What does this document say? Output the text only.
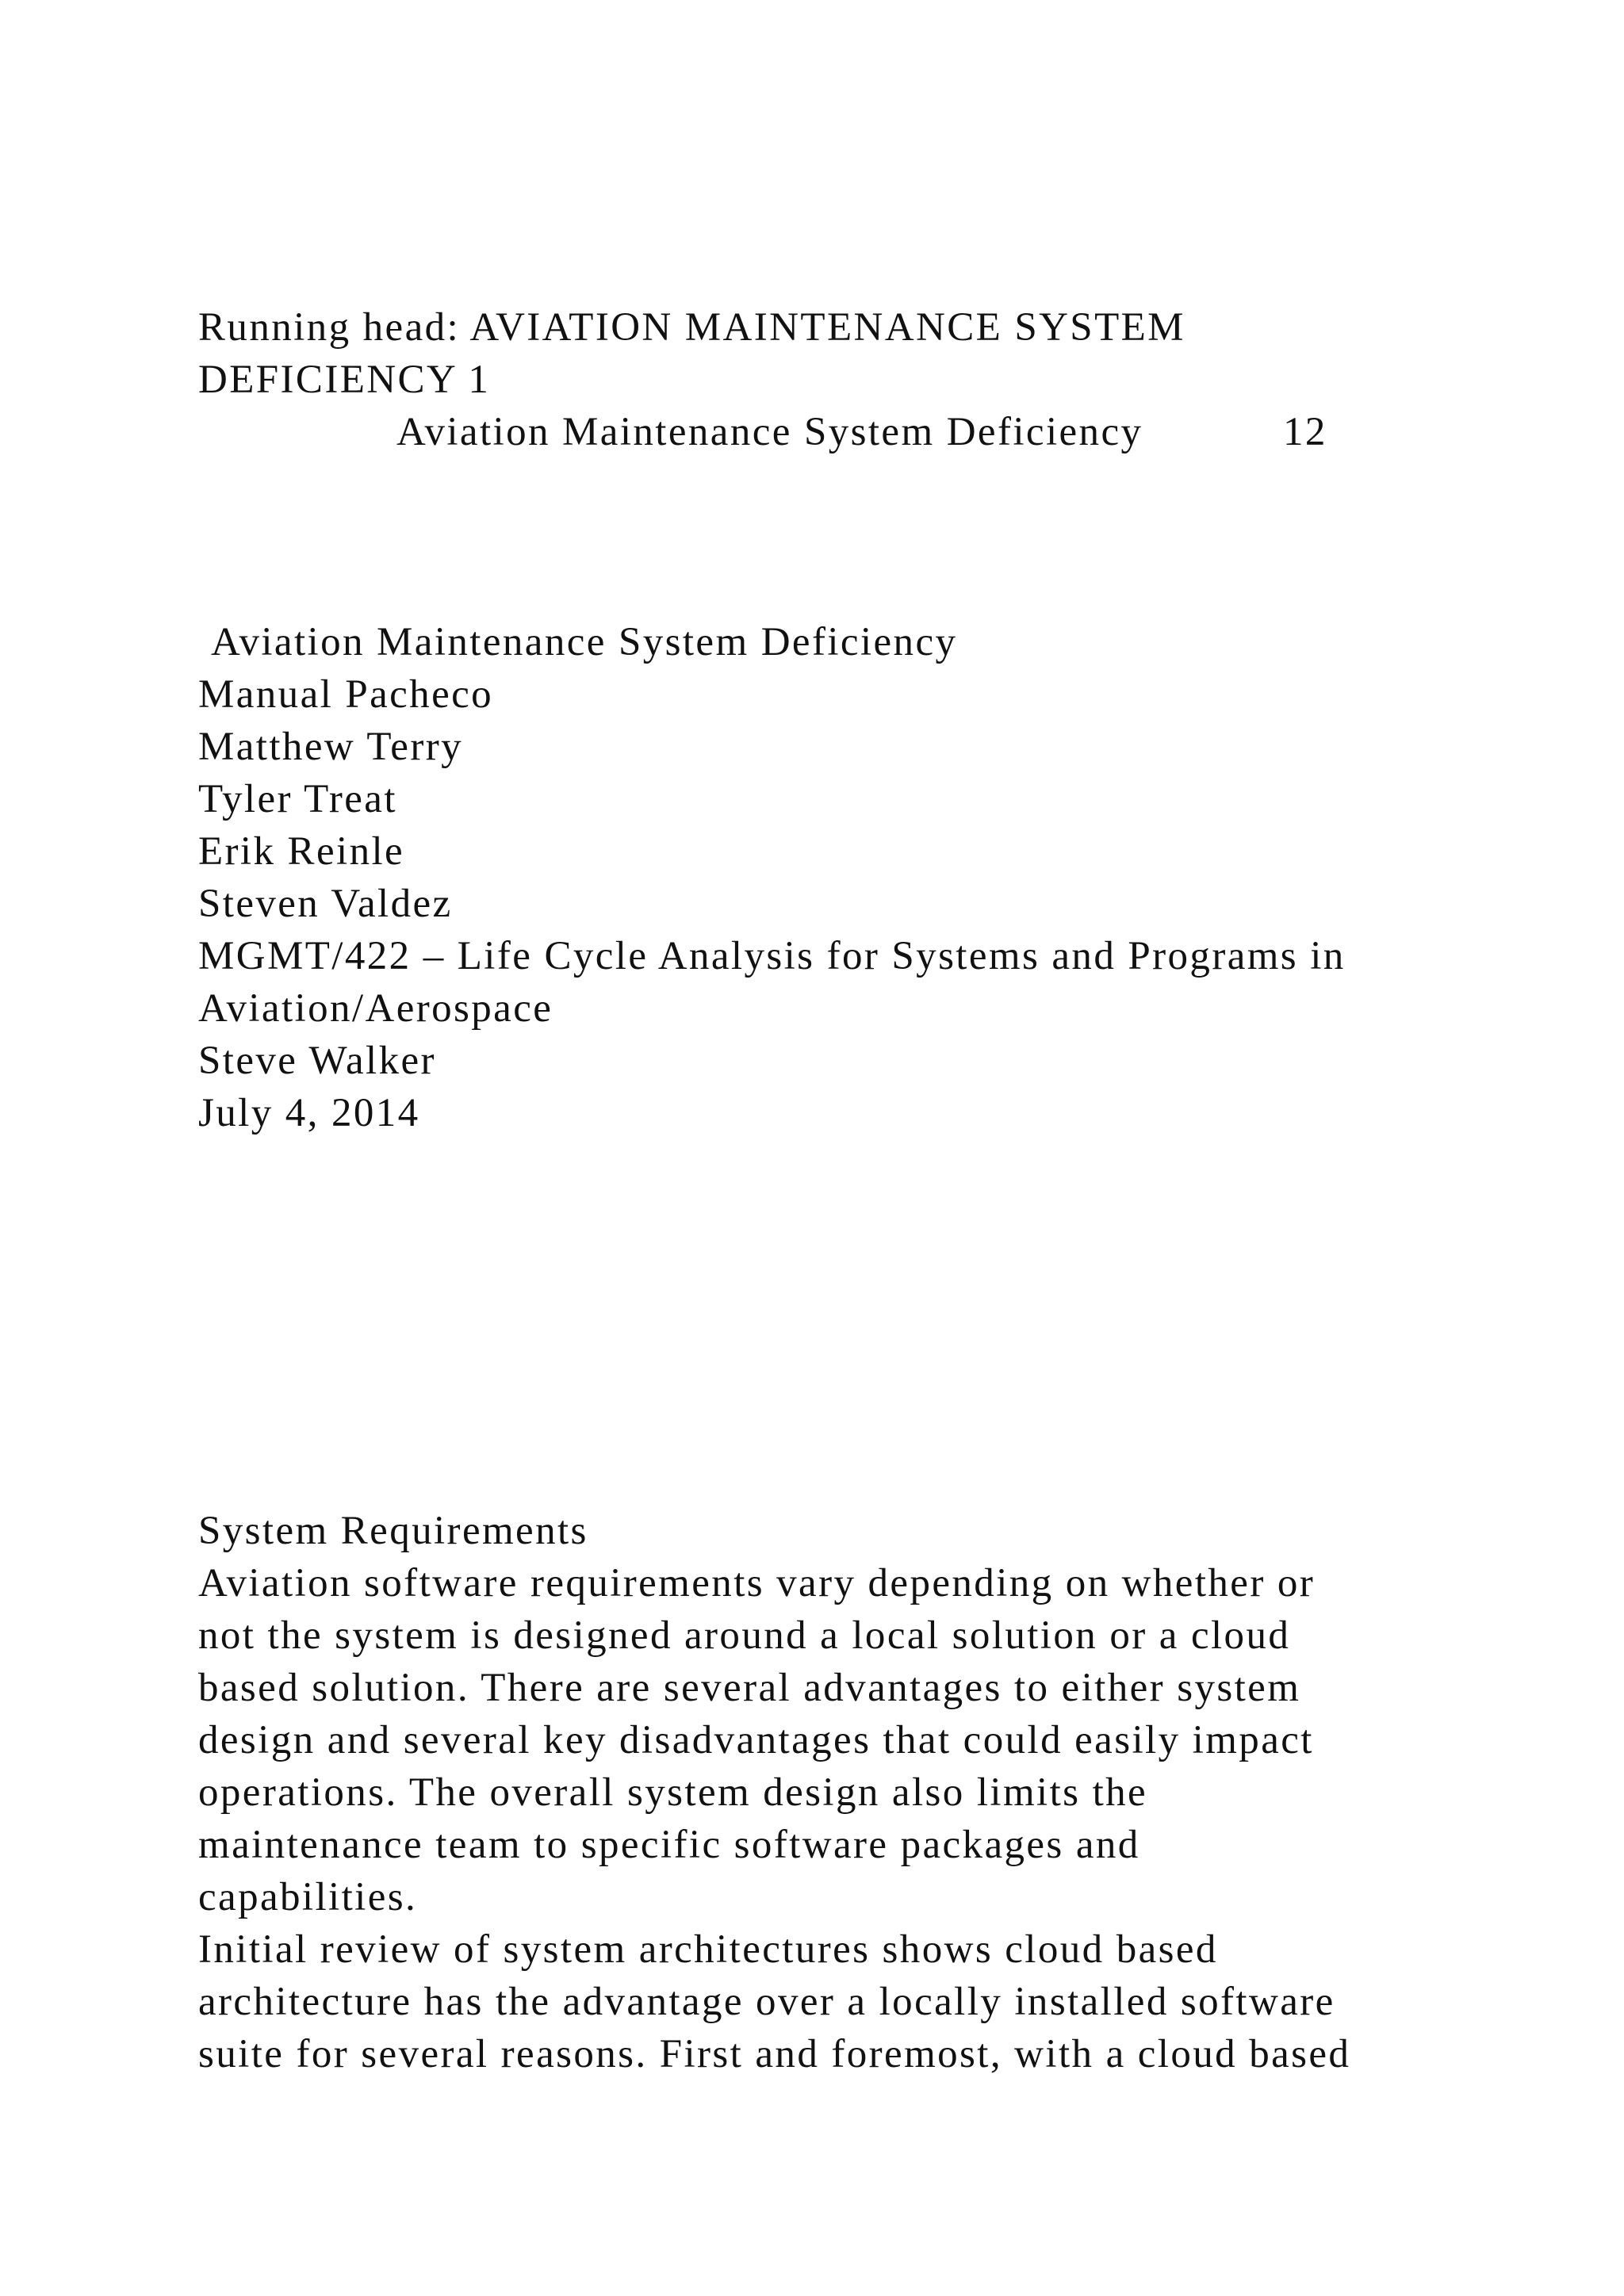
Running head: AVIATION MAINTENANCE SYSTEM
DEFICIENCY 1
Aviation Maintenance System Deficiency	12
Aviation Maintenance System Deficiency
Manual Pacheco
Matthew Terry
Tyler Treat
Erik Reinle
Steven Valdez
MGMT/422 – Life Cycle Analysis for Systems and Programs in
Aviation/Aerospace
Steve Walker
July 4, 2014
System Requirements
Aviation software requirements vary depending on whether or
not the system is designed around a local solution or a cloud
based solution. There are several advantages to either system
design and several key disadvantages that could easily impact
operations. The overall system design also limits the
maintenance team to specific software packages and
capabilities.
Initial review of system architectures shows cloud based
architecture has the advantage over a locally installed software
suite for several reasons. First and foremost, with a cloud based
